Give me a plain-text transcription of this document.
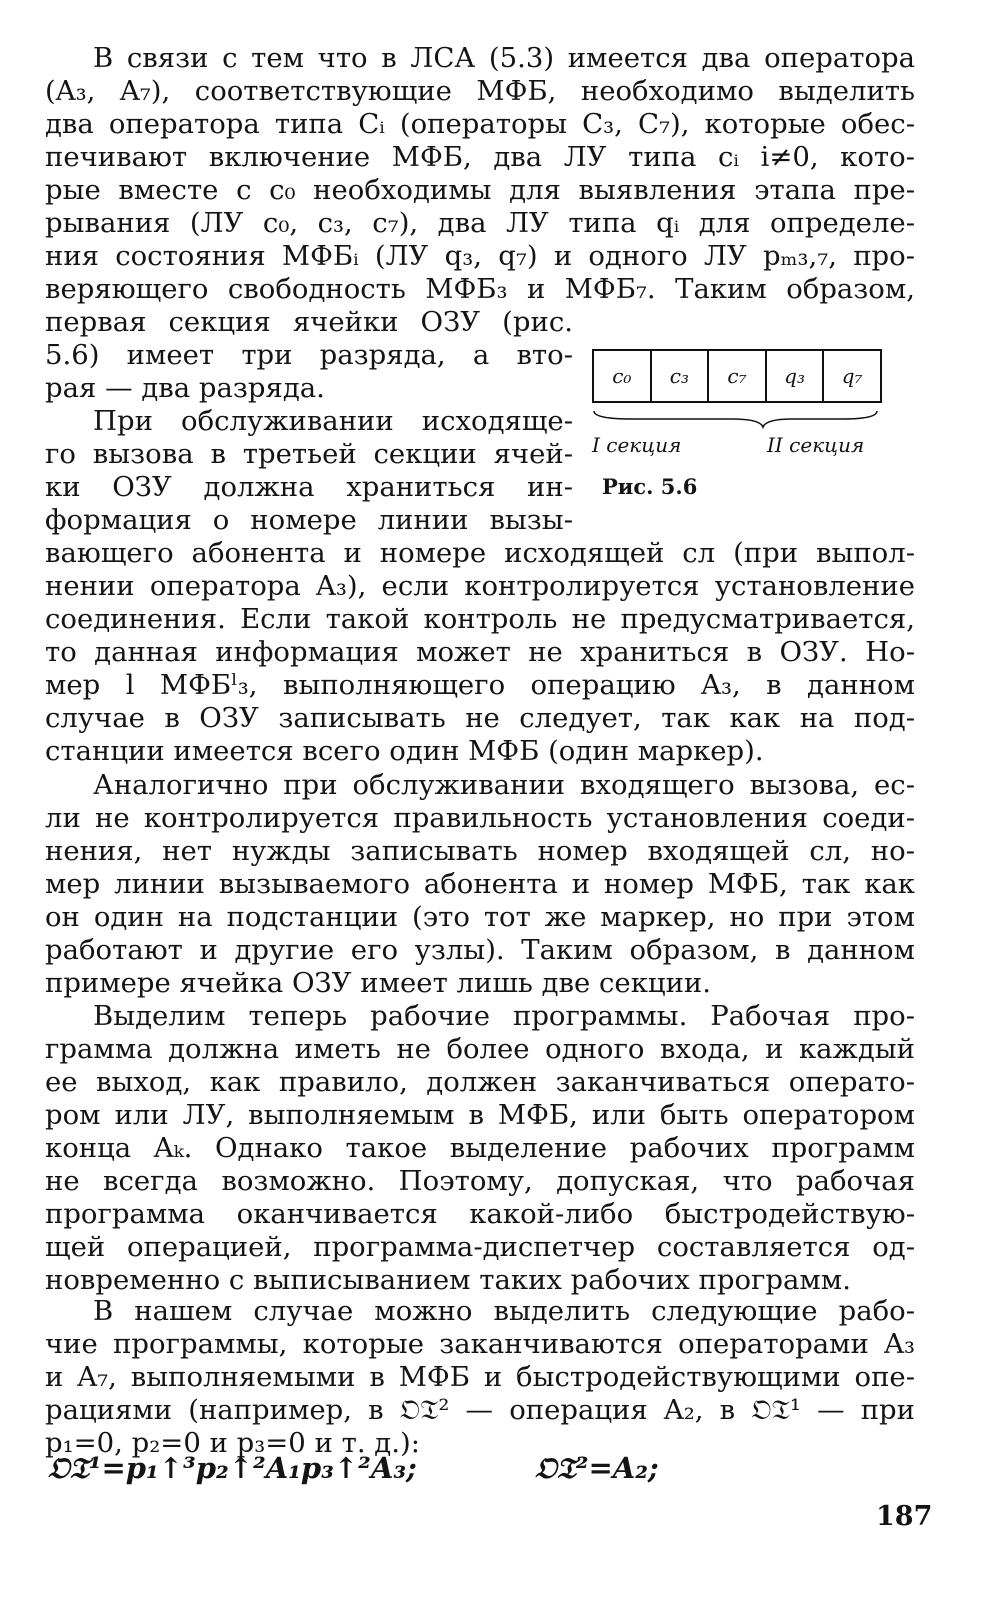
В связи с тем что в ЛСА (5.3) имеется два оператора
(A₃, A₇), соответствующие МФБ, необходимо выделить
два оператора типа Cᵢ (операторы C₃, C₇), которые обес-
печивают включение МФБ, два ЛУ типа cᵢ i≠0, кото-
рые вместе с c₀ необходимы для выявления этапа пре-
рывания (ЛУ c₀, c₃, c₇), два ЛУ типа qᵢ для определе-
ния состояния МФБᵢ (ЛУ q₃, q₇) и одного ЛУ pₘ₃,₇, про-
веряющего свободность МФБ₃ и МФБ₇. Таким образом,
первая секция ячейки ОЗУ (рис.
5.6) имеет три разряда, а вто-
рая — два разряда.
При обслуживании исходяще-
го вызова в третьей секции ячей-
ки ОЗУ должна храниться ин-
формация о номере линии вызы-
c₀	c₃	c₇	q₃	q₇
I секция	II секция
Рис. 5.6
вающего абонента и номере исходящей сл (при выпол-
нении оператора A₃), если контролируется установление
соединения. Если такой контроль не предусматривается,
то данная информация может не храниться в ОЗУ. Но-
мер l МФБˡ₃, выполняющего операцию A₃, в данном
случае в ОЗУ записывать не следует, так как на под-
станции имеется всего один МФБ (один маркер).
Аналогично при обслуживании входящего вызова, ес-
ли не контролируется правильность установления соеди-
нения, нет нужды записывать номер входящей сл, но-
мер линии вызываемого абонента и номер МФБ, так как
он один на подстанции (это тот же маркер, но при этом
работают и другие его узлы). Таким образом, в данном
примере ячейка ОЗУ имеет лишь две секции.
Выделим теперь рабочие программы. Рабочая про-
грамма должна иметь не более одного входа, и каждый
ее выход, как правило, должен заканчиваться операто-
ром или ЛУ, выполняемым в МФБ, или быть оператором
конца Aₖ. Однако такое выделение рабочих программ
не всегда возможно. Поэтому, допуская, что рабочая
программа оканчивается какой-либо быстродействую-
щей операцией, программа-диспетчер составляется од-
новременно с выписыванием таких рабочих программ.
В нашем случае можно выделить следующие рабо-
чие программы, которые заканчиваются операторами A₃
и A₇, выполняемыми в МФБ и быстродействующими опе-
рациями (например, в 𝔒𝔗² — операция A₂, в 𝔒𝔗¹ — при
p₁=0, p₂=0 и p₃=0 и т. д.):
𝔒𝔗¹=p₁↑³p₂↑²A₁p₃↑²A₃;	𝔒𝔗²=A₂;
187
